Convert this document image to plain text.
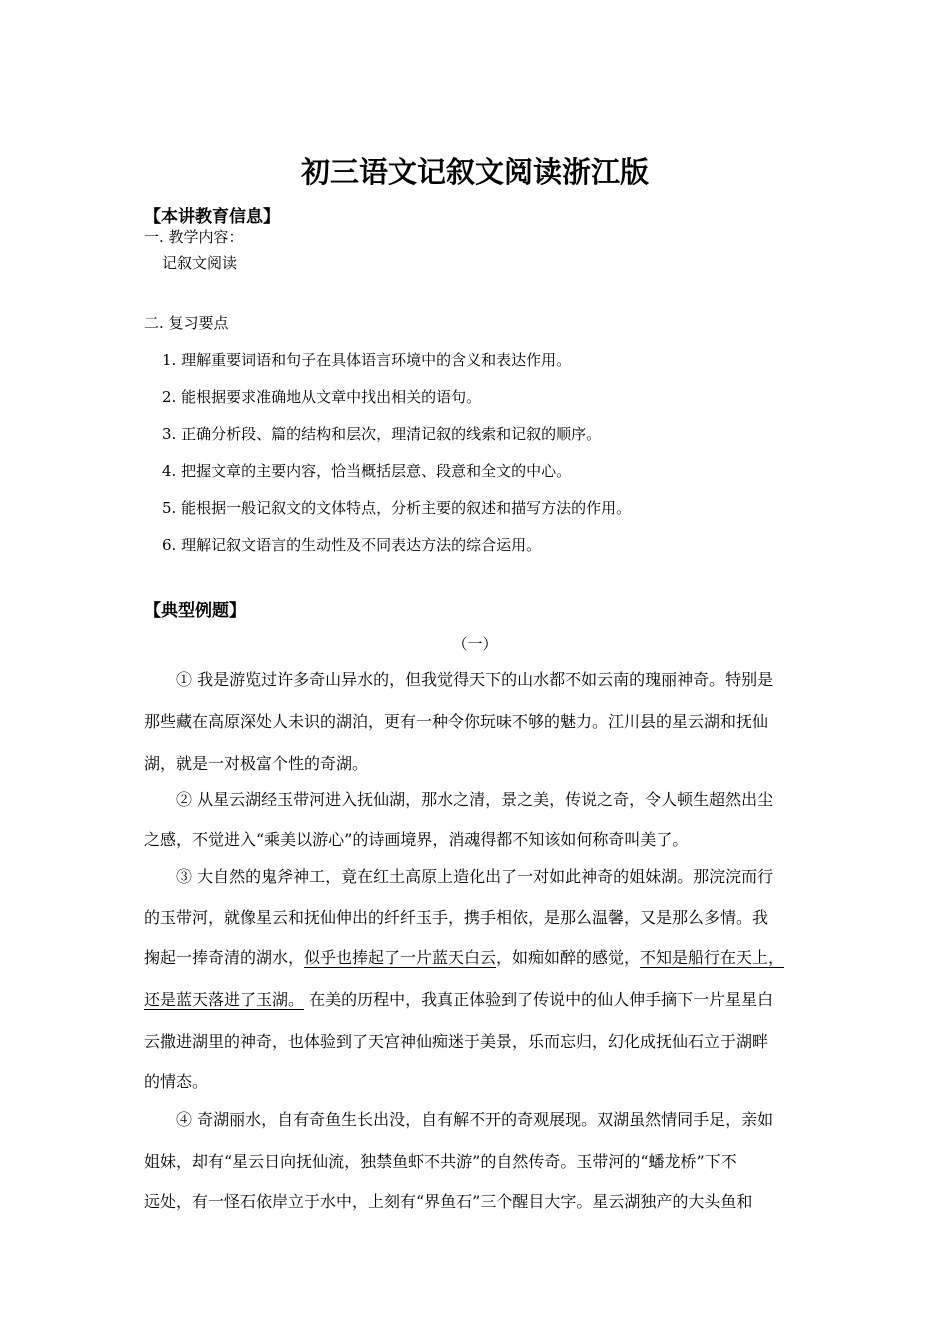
初三语文记叙文阅读浙江版
【本讲教育信息】
一. 教学内容：
记叙文阅读
二. 复习要点
1. 理解重要词语和句子在具体语言环境中的含义和表达作用。
2. 能根据要求准确地从文章中找出相关的语句。
3. 正确分析段、篇的结构和层次，理清记叙的线索和记叙的顺序。
4. 把握文章的主要内容，恰当概括层意、段意和全文的中心。
5. 能根据一般记叙文的文体特点，分析主要的叙述和描写方法的作用。
6. 理解记叙文语言的生动性及不同表达方法的综合运用。
【典型例题】
（一）
① 我是游览过许多奇山异水的，但我觉得天下的山水都不如云南的瑰丽神奇。特别是
那些藏在高原深处人未识的湖泊，更有一种令你玩味不够的魅力。江川县的星云湖和抚仙
湖，就是一对极富个性的奇湖。
② 从星云湖经玉带河进入抚仙湖，那水之清，景之美，传说之奇，令人顿生超然出尘
之感，不觉进入“乘美以游心”的诗画境界，消魂得都不知该如何称奇叫美了。
③ 大自然的鬼斧神工，竟在红土高原上造化出了一对如此神奇的姐妹湖。那浣浣而行
的玉带河，就像星云和抚仙伸出的纤纤玉手，携手相依，是那么温馨，又是那么多情。我
掬起一捧奇清的湖水，似乎也捧起了一片蓝天白云，如痴如醉的感觉，不知是船行在天上，
还是蓝天落进了玉湖。 在美的历程中，我真正体验到了传说中的仙人伸手摘下一片星星白
云撒进湖里的神奇，也体验到了天宫神仙痴迷于美景，乐而忘归，幻化成抚仙石立于湖畔
的情态。
④ 奇湖丽水，自有奇鱼生长出没，自有解不开的奇观展现。双湖虽然情同手足，亲如
姐妹，却有“星云日向抚仙流，独禁鱼虾不共游”的自然传奇。玉带河的“蟠龙桥”下不
远处，有一怪石依岸立于水中，上刻有“界鱼石”三个醒目大字。星云湖独产的大头鱼和
